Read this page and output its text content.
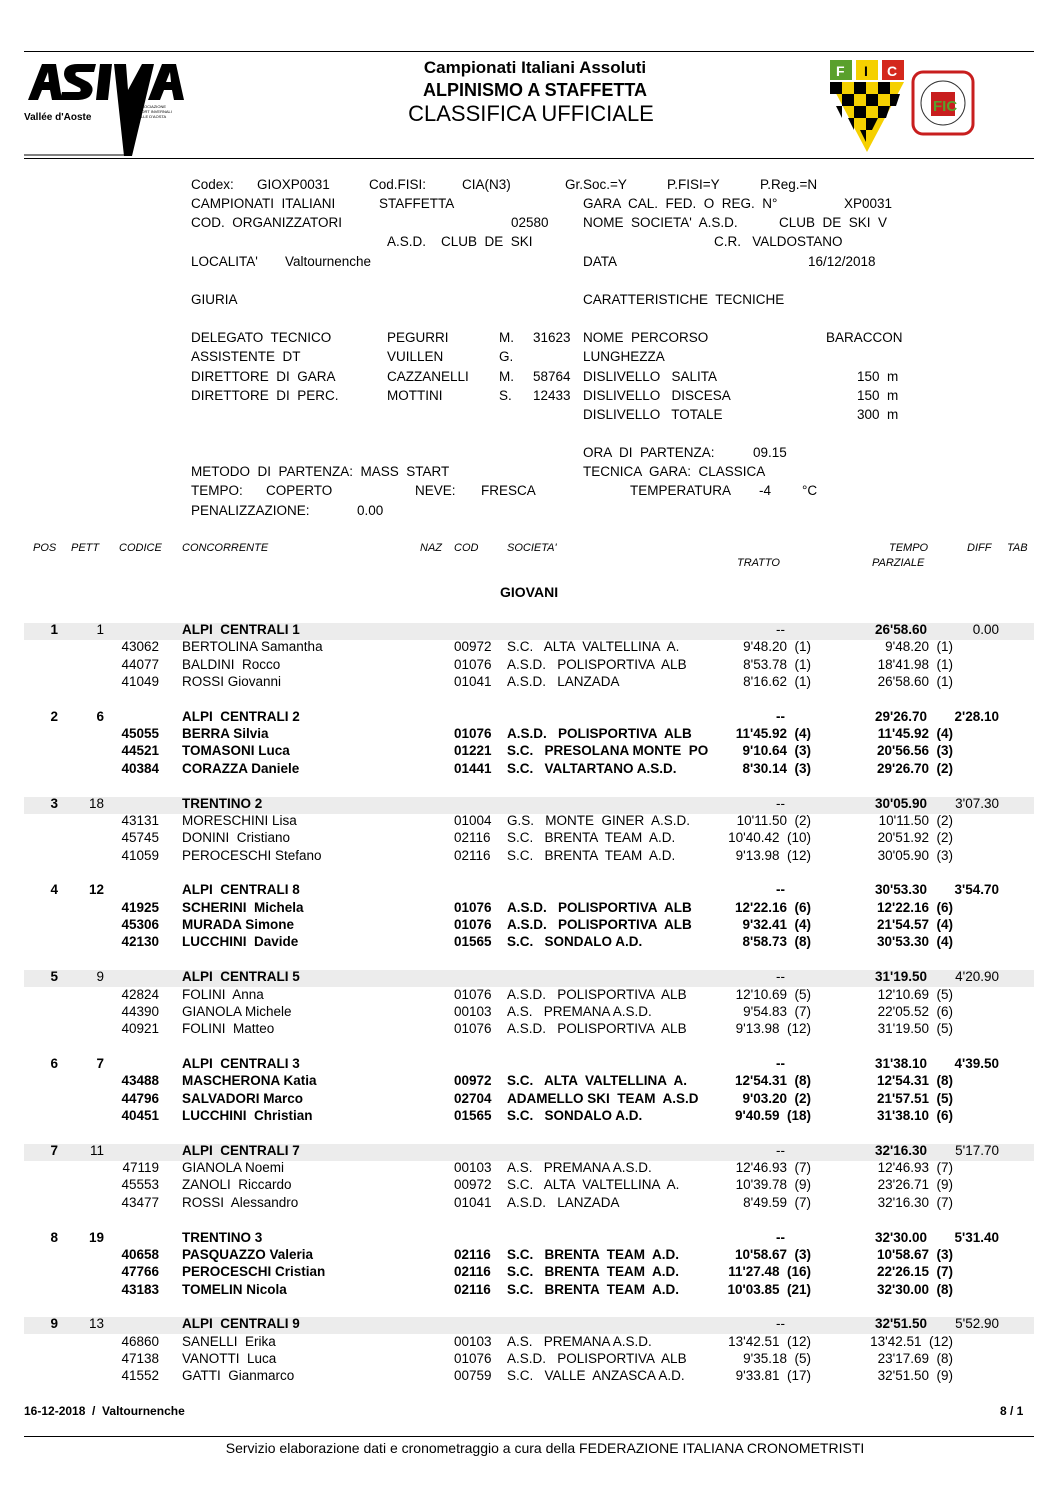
Vallée d'Aoste
ASSOCIAZIONE
SPORT INVERNALI
VALLE D'AOSTA
Campionati Italiani Assoluti
ALPINISMO A STAFFETTA
CLASSIFICA UFFICIALE
F I C
FIC
Codex: GIOXP0031	Cod.FISI:	CIA(N3)	Gr.Soc.=Y	P.FISI=Y	P.Reg.=N
CAMPIONATI  ITALIANI	STAFFETTA	GARA  CAL.  FED.  O  REG.  N°	XP0031
COD.  ORGANIZZATORI	02580	NOME  SOCIETA'  A.S.D.	CLUB  DE  SKI  V
A.S.D.    CLUB  DE  SKI	C.R.   VALDOSTANO
LOCALITA' Valtournenche	DATA	16/12/2018
GIURIA	CARATTERISTICHE  TECNICHE
DELEGATO  TECNICO	PEGURRI	M. 31623
ASSISTENTE  DT	VUILLEN	G.
DIRETTORE  DI  GARA	CAZZANELLI M. 58764
DIRETTORE  DI  PERC.	MOTTINI	S. 12433
NOME  PERCORSO	BARACCON
LUNGHEZZA
DISLIVELLO   SALITA	150  m
DISLIVELLO   DISCESA	150  m
DISLIVELLO   TOTALE	300  m
ORA  DI  PARTENZA:	09.15
METODO  DI  PARTENZA:  MASS  START	TECNICA  GARA:  CLASSICA
TEMPO: COPERTO	NEVE: FRESCA	TEMPERATURA -4 °C
PENALIZZAZIONE:	0.00
POS PETT CODICE CONCORRENTE	NAZ COD	SOCIETA'
TRATTO
TEMPO
PARZIALE
DIFF TAB
GIOVANI
1	1	ALPI  CENTRALI 1	--	26'58.60	0.00
43062 BERTOLINA Samantha	00972 S.C.   ALTA  VALTELLINA  A.	9'48.20  (1)	9'48.20  (1)
44077 BALDINI  Rocco	01076 A.S.D.   POLISPORTIVA  ALB	8'53.78  (1)	18'41.98  (1)
41049 ROSSI Giovanni	01041 A.S.D.   LANZADA	8'16.62  (1)	26'58.60  (1)
2	6	ALPI  CENTRALI 2	--	29'26.70	2'28.10
45055 BERRA Silvia	01076 A.S.D.   POLISPORTIVA  ALB	11'45.92  (4)	11'45.92  (4)
44521 TOMASONI Luca	01221 S.C.   PRESOLANA MONTE  PO	9'10.64  (3)	20'56.56  (3)
40384 CORAZZA Daniele	01441 S.C.   VALTARTANO A.S.D.	8'30.14  (3)	29'26.70  (2)
3	18	TRENTINO 2	--	30'05.90	3'07.30
43131 MORESCHINI Lisa	01004 G.S.   MONTE  GINER  A.S.D.	10'11.50  (2)	10'11.50  (2)
45745 DONINI  Cristiano	02116 S.C.   BRENTA  TEAM  A.D.	10'40.42  (10)	20'51.92  (2)
41059 PEROCESCHI Stefano	02116 S.C.   BRENTA  TEAM  A.D.	9'13.98  (12)	30'05.90  (3)
4	12	ALPI  CENTRALI 8	--	30'53.30	3'54.70
41925 SCHERINI  Michela	01076 A.S.D.   POLISPORTIVA  ALB	12'22.16  (6)	12'22.16  (6)
45306 MURADA Simone	01076 A.S.D.   POLISPORTIVA  ALB	9'32.41  (4)	21'54.57  (4)
42130 LUCCHINI  Davide	01565 S.C.   SONDALO A.D.	8'58.73  (8)	30'53.30  (4)
5	9	ALPI  CENTRALI 5	--	31'19.50	4'20.90
42824 FOLINI  Anna	01076 A.S.D.   POLISPORTIVA  ALB	12'10.69  (5)	12'10.69  (5)
44390 GIANOLA Michele	00103 A.S.   PREMANA A.S.D.	9'54.83  (7)	22'05.52  (6)
40921 FOLINI  Matteo	01076 A.S.D.   POLISPORTIVA  ALB	9'13.98  (12)	31'19.50  (5)
6	7	ALPI  CENTRALI 3	--	31'38.10	4'39.50
43488 MASCHERONA Katia	00972 S.C.   ALTA  VALTELLINA  A.	12'54.31  (8)	12'54.31  (8)
44796 SALVADORI Marco	02704 ADAMELLO SKI  TEAM  A.S.D	9'03.20  (2)	21'57.51  (5)
40451 LUCCHINI  Christian	01565 S.C.   SONDALO A.D.	9'40.59  (18)	31'38.10  (6)
7	11	ALPI  CENTRALI 7	--	32'16.30	5'17.70
47119 GIANOLA Noemi	00103 A.S.   PREMANA A.S.D.	12'46.93  (7)	12'46.93  (7)
45553 ZANOLI  Riccardo	00972 S.C.   ALTA  VALTELLINA  A.	10'39.78  (9)	23'26.71  (9)
43477 ROSSI  Alessandro	01041 A.S.D.   LANZADA	8'49.59  (7)	32'16.30  (7)
8	19	TRENTINO 3	--	32'30.00	5'31.40
40658 PASQUAZZO Valeria	02116 S.C.   BRENTA  TEAM  A.D.	10'58.67  (3)	10'58.67  (3)
47766 PEROCESCHI Cristian	02116 S.C.   BRENTA  TEAM  A.D.	11'27.48  (16)	22'26.15  (7)
43183 TOMELIN Nicola	02116 S.C.   BRENTA  TEAM  A.D.	10'03.85  (21)	32'30.00  (8)
9	13	ALPI  CENTRALI 9	--	32'51.50	5'52.90
46860 SANELLI  Erika	00103 A.S.   PREMANA A.S.D.	13'42.51  (12)	13'42.51  (12)
47138 VANOTTI  Luca	01076 A.S.D.   POLISPORTIVA  ALB	9'35.18  (5)	23'17.69  (8)
41552 GATTI  Gianmarco	00759 S.C.   VALLE  ANZASCA A.D.	9'33.81  (17)	32'51.50  (9)
16-12-2018  /  Valtournenche	8 / 1
Servizio elaborazione dati e cronometraggio a cura della FEDERAZIONE ITALIANA CRONOMETRISTI
